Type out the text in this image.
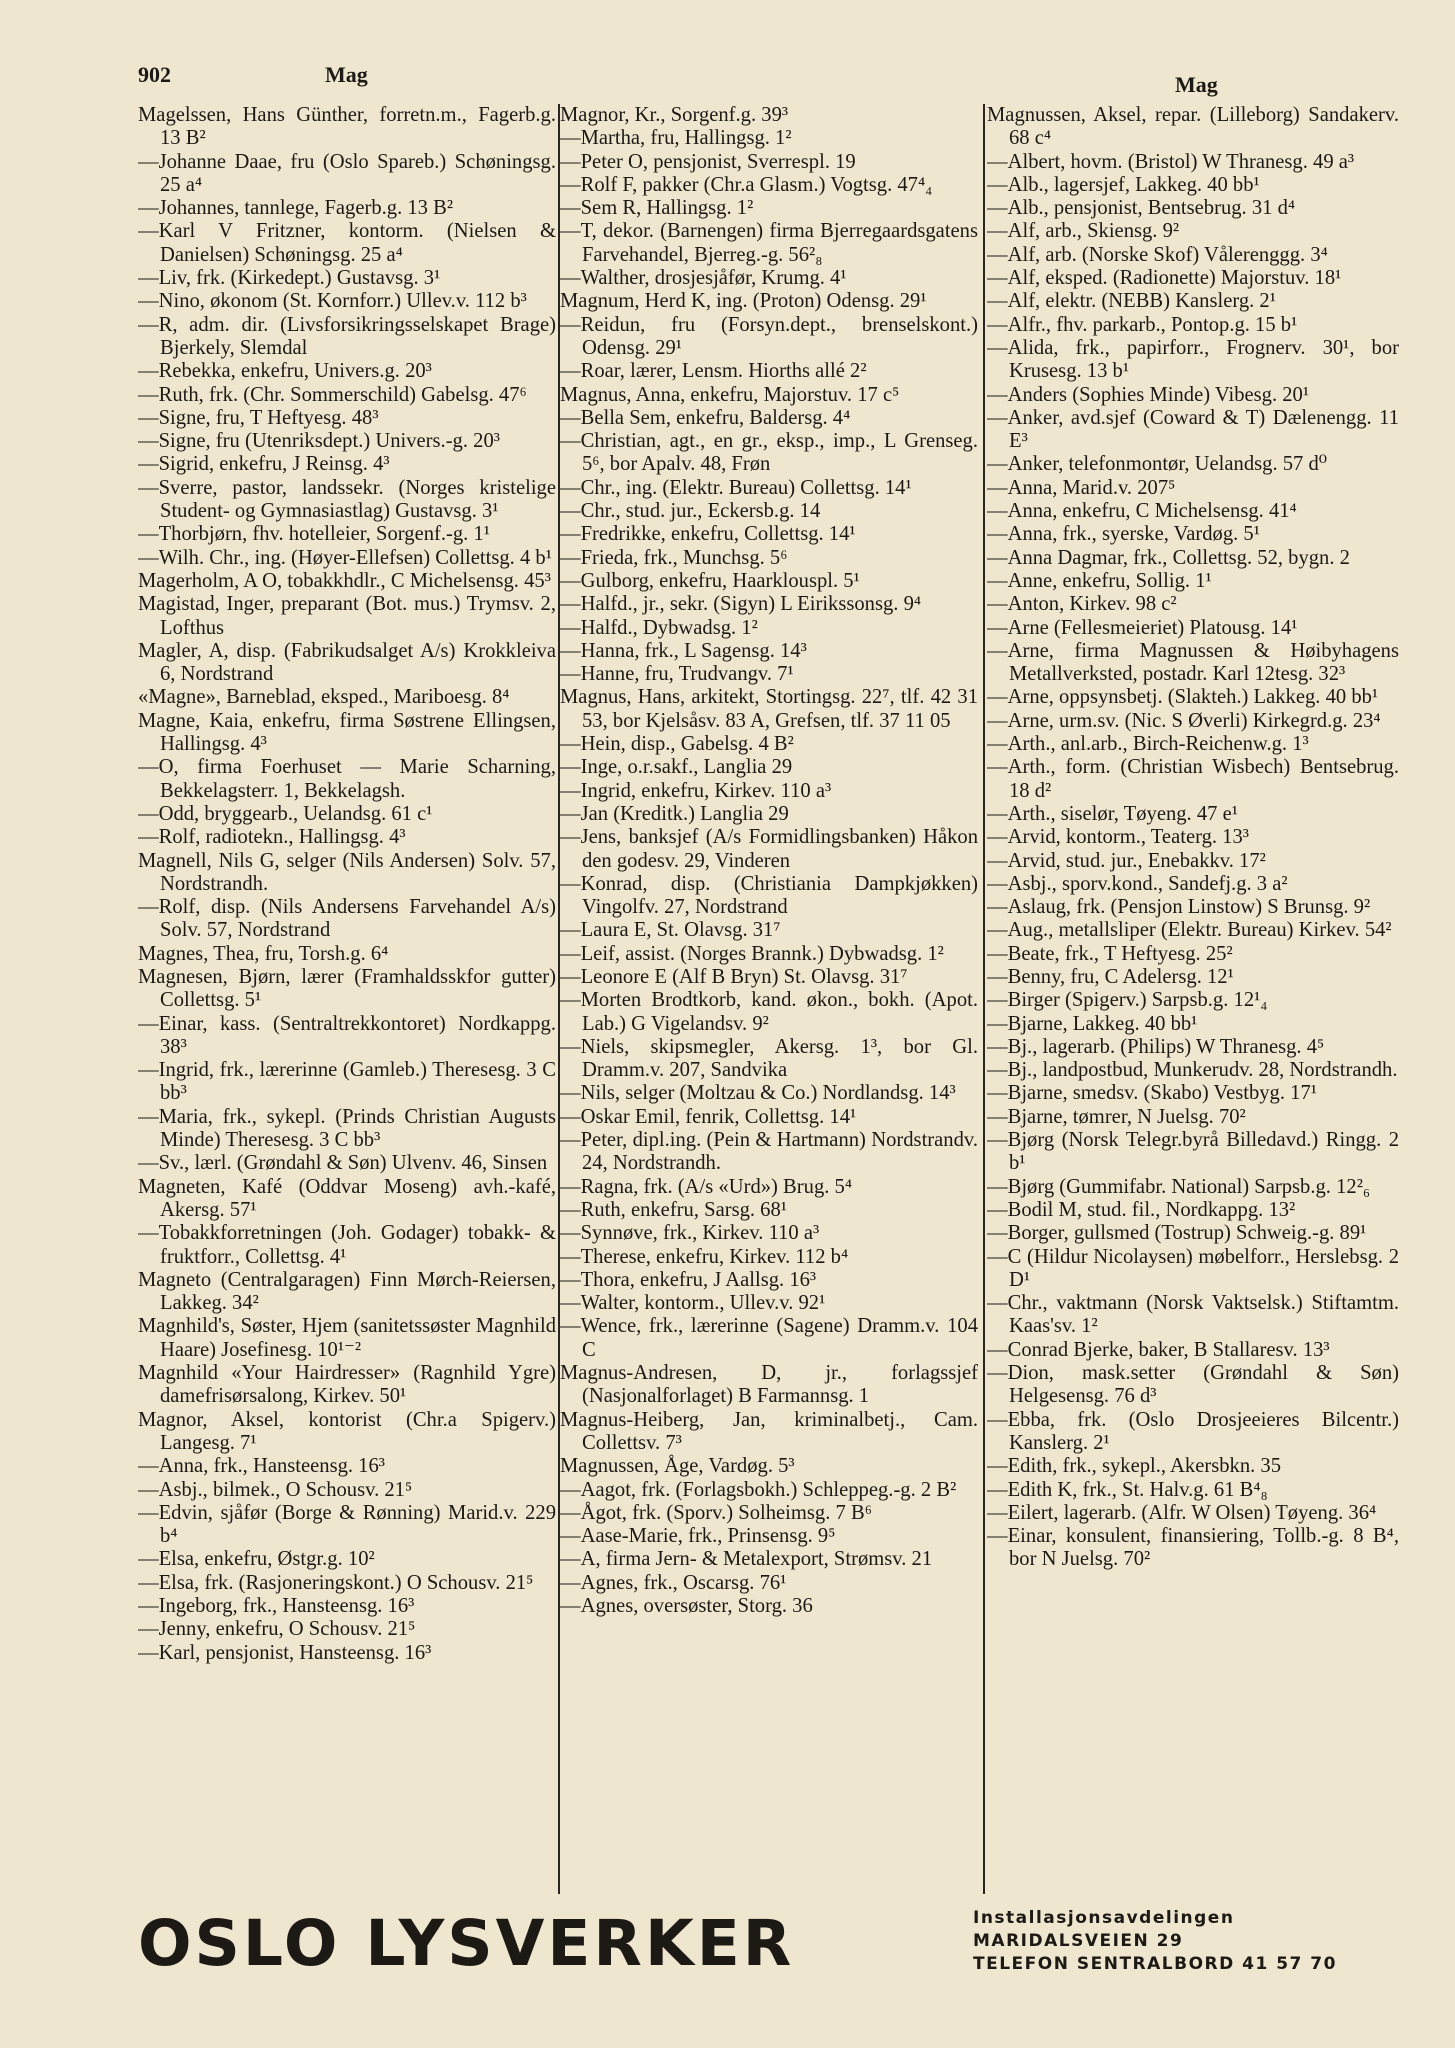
902	Mag	Mag

Magelssen, Hans Günther, forretn.m., Fagerb.g. 13 B²

—Johanne Daae, fru (Oslo Spareb.) Schøningsg. 25 a⁴

—Johannes, tannlege, Fagerb.g. 13 B²

—Karl V Fritzner, kontorm. (Nielsen & Danielsen) Schøningsg. 25 a⁴

—Liv, frk. (Kirkedept.) Gustavsg. 3¹

—Nino, økonom (St. Kornforr.) Ullev.v. 112 b³

—R, adm. dir. (Livsforsikringsselskapet Brage) Bjerkely, Slemdal

—Rebekka, enkefru, Univers.g. 20³

—Ruth, frk. (Chr. Sommerschild) Gabelsg. 47⁶

—Signe, fru, T Heftyesg. 48³

—Signe, fru (Utenriksdept.) Univers.-g. 20³

—Sigrid, enkefru, J Reinsg. 4³

—Sverre, pastor, landssekr. (Norges kristelige Student- og Gymnasiastlag) Gustavsg. 3¹

—Thorbjørn, fhv. hotelleier, Sorgenf.-g. 1¹

—Wilh. Chr., ing. (Høyer-Ellefsen) Collettsg. 4 b¹

Magerholm, A O, tobakkhdlr., C Michelsensg. 45³

Magistad, Inger, preparant (Bot. mus.) Trymsv. 2, Lofthus

Magler, A, disp. (Fabrikudsalget A/s) Krokkleiva 6, Nordstrand

«Magne», Barneblad, eksped., Mariboesg. 8⁴

Magne, Kaia, enkefru, firma Søstrene Ellingsen, Hallingsg. 4³

—O, firma Foerhuset — Marie Scharning, Bekkelagsterr. 1, Bekkelagsh.

—Odd, bryggearb., Uelandsg. 61 c¹

—Rolf, radiotekn., Hallingsg. 4³

Magnell, Nils G, selger (Nils Andersen) Solv. 57, Nordstrandh.

—Rolf, disp. (Nils Andersens Farvehandel A/s) Solv. 57, Nordstrand

Magnes, Thea, fru, Torsh.g. 6⁴

Magnesen, Bjørn, lærer (Framhaldsskfor gutter) Collettsg. 5¹

—Einar, kass. (Sentraltrekkontoret) Nordkappg. 38³

—Ingrid, frk., lærerinne (Gamleb.) Theresesg. 3 C bb³

—Maria, frk., sykepl. (Prinds Christian Augusts Minde) Theresesg. 3 C bb³

—Sv., lærl. (Grøndahl & Søn) Ulvenv. 46, Sinsen

Magneten, Kafé (Oddvar Moseng) avh.-kafé, Akersg. 57¹

—Tobakkforretningen (Joh. Godager) tobakk- & fruktforr., Collettsg. 4¹

Magneto (Centralgaragen) Finn Mørch-Reiersen, Lakkeg. 34²

Magnhild's, Søster, Hjem (sanitetssøster Magnhild Haare) Josefinesg. 10¹⁻²

Magnhild «Your Hairdresser» (Ragnhild Ygre) damefrisørsalong, Kirkev. 50¹

Magnor, Aksel, kontorist (Chr.a Spigerv.) Langesg. 7¹

—Anna, frk., Hansteensg. 16³

—Asbj., bilmek., O Schousv. 21⁵

—Edvin, sjåfør (Borge & Rønning) Marid.v. 229 b⁴

—Elsa, enkefru, Østgr.g. 10²

—Elsa, frk. (Rasjoneringskont.) O Schousv. 21⁵

—Ingeborg, frk., Hansteensg. 16³

—Jenny, enkefru, O Schousv. 21⁵

—Karl, pensjonist, Hansteensg. 16³

Magnor, Kr., Sorgenf.g. 39³

—Martha, fru, Hallingsg. 1²

—Peter O, pensjonist, Sverrespl. 19

—Rolf F, pakker (Chr.a Glasm.) Vogtsg. 47⁴₄

—Sem R, Hallingsg. 1²

—T, dekor. (Barnengen) firma Bjerregaardsgatens Farvehandel, Bjerreg.-g. 56²₈

—Walther, drosjesjåfør, Krumg. 4¹

Magnum, Herd K, ing. (Proton) Odensg. 29¹

—Reidun, fru (Forsyn.dept., brenselskont.) Odensg. 29¹

—Roar, lærer, Lensm. Hiorths allé 2²

Magnus, Anna, enkefru, Majorstuv. 17 c⁵

—Bella Sem, enkefru, Baldersg. 4⁴

—Christian, agt., en gr., eksp., imp., L Grenseg. 5⁶, bor Apalv. 48, Frøn

—Chr., ing. (Elektr. Bureau) Collettsg. 14¹

—Chr., stud. jur., Eckersb.g. 14

—Fredrikke, enkefru, Collettsg. 14¹

—Frieda, frk., Munchsg. 5⁶

—Gulborg, enkefru, Haarklouspl. 5¹

—Halfd., jr., sekr. (Sigyn) L Eirikssonsg. 9⁴

—Halfd., Dybwadsg. 1²

—Hanna, frk., L Sagensg. 14³

—Hanne, fru, Trudvangv. 7¹

Magnus, Hans, arkitekt, Stortingsg. 22⁷, tlf. 42 31 53, bor Kjelsåsv. 83 A, Grefsen, tlf. 37 11 05

—Hein, disp., Gabelsg. 4 B²

—Inge, o.r.sakf., Langlia 29

—Ingrid, enkefru, Kirkev. 110 a³

—Jan (Kreditk.) Langlia 29

—Jens, banksjef (A/s Formidlingsbanken) Håkon den godesv. 29, Vinderen

—Konrad, disp. (Christiania Dampkjøkken) Vingolfv. 27, Nordstrand

—Laura E, St. Olavsg. 31⁷

—Leif, assist. (Norges Brannk.) Dybwadsg. 1²

—Leonore E (Alf B Bryn) St. Olavsg. 31⁷

—Morten Brodtkorb, kand. økon., bokh. (Apot. Lab.) G Vigelandsv. 9²

—Niels, skipsmegler, Akersg. 1³, bor Gl. Dramm.v. 207, Sandvika

—Nils, selger (Moltzau & Co.) Nordlandsg. 14³

—Oskar Emil, fenrik, Collettsg. 14¹

—Peter, dipl.ing. (Pein & Hartmann) Nordstrandv. 24, Nordstrandh.

—Ragna, frk. (A/s «Urd») Brug. 5⁴

—Ruth, enkefru, Sarsg. 68¹

—Synnøve, frk., Kirkev. 110 a³

—Therese, enkefru, Kirkev. 112 b⁴

—Thora, enkefru, J Aallsg. 16³

—Walter, kontorm., Ullev.v. 92¹

—Wence, frk., lærerinne (Sagene) Dramm.v. 104 C

Magnus-Andresen, D, jr., forlagssjef (Nasjonalforlaget) B Farmannsg. 1

Magnus-Heiberg, Jan, kriminalbetj., Cam. Collettsv. 7³

Magnussen, Åge, Vardøg. 5³

—Aagot, frk. (Forlagsbokh.) Schleppeg.-g. 2 B²

—Ågot, frk. (Sporv.) Solheimsg. 7 B⁶

—Aase-Marie, frk., Prinsensg. 9⁵

—A, firma Jern- & Metalexport, Strømsv. 21

—Agnes, frk., Oscarsg. 76¹

—Agnes, oversøster, Storg. 36

Magnussen, Aksel, repar. (Lilleborg) Sandakerv. 68 c⁴

—Albert, hovm. (Bristol) W Thranesg. 49 a³

—Alb., lagersjef, Lakkeg. 40 bb¹

—Alb., pensjonist, Bentsebrug. 31 d⁴

—Alf, arb., Skiensg. 9²

—Alf, arb. (Norske Skof) Vålerenggg. 3⁴

—Alf, eksped. (Radionette) Majorstuv. 18¹

—Alf, elektr. (NEBB) Kanslerg. 2¹

—Alfr., fhv. parkarb., Pontop.g. 15 b¹

—Alida, frk., papirforr., Frognerv. 30¹, bor Krusesg. 13 b¹

—Anders (Sophies Minde) Vibesg. 20¹

—Anker, avd.sjef (Coward & T) Dælenengg. 11 E³

—Anker, telefonmontør, Uelandsg. 57 d⁰

—Anna, Marid.v. 207⁵

—Anna, enkefru, C Michelsensg. 41⁴

—Anna, frk., syerske, Vardøg. 5¹

—Anna Dagmar, frk., Collettsg. 52, bygn. 2

—Anne, enkefru, Sollig. 1¹

—Anton, Kirkev. 98 c²

—Arne (Fellesmeieriet) Platousg. 14¹

—Arne, firma Magnussen & Høibyhagens Metallverksted, postadr. Karl 12tesg. 32³

—Arne, oppsynsbetj. (Slakteh.) Lakkeg. 40 bb¹

—Arne, urm.sv. (Nic. S Øverli) Kirkegrd.g. 23⁴

—Arth., anl.arb., Birch-Reichenw.g. 1³

—Arth., form. (Christian Wisbech) Bentsebrug. 18 d²

—Arth., siselør, Tøyeng. 47 e¹

—Arvid, kontorm., Teaterg. 13³

—Arvid, stud. jur., Enebakkv. 17²

—Asbj., sporv.kond., Sandefj.g. 3 a²

—Aslaug, frk. (Pensjon Linstow) S Brunsg. 9²

—Aug., metallsliper (Elektr. Bureau) Kirkev. 54²

—Beate, frk., T Heftyesg. 25²

—Benny, fru, C Adelersg. 12¹

—Birger (Spigerv.) Sarpsb.g. 12¹₄

—Bjarne, Lakkeg. 40 bb¹

—Bj., lagerarb. (Philips) W Thranesg. 4⁵

—Bj., landpostbud, Munkerudv. 28, Nordstrandh.

—Bjarne, smedsv. (Skabo) Vestbyg. 17¹

—Bjarne, tømrer, N Juelsg. 70²

—Bjørg (Norsk Telegr.byrå Billedavd.) Ringg. 2 b¹

—Bjørg (Gummifabr. National) Sarpsb.g. 12²₆

—Bodil M, stud. fil., Nordkappg. 13²

—Borger, gullsmed (Tostrup) Schweig.-g. 89¹

—C (Hildur Nicolaysen) møbelforr., Herslebsg. 2 D¹

—Chr., vaktmann (Norsk Vaktselsk.) Stiftamtm. Kaas'sv. 1²

—Conrad Bjerke, baker, B Stallaresv. 13³

—Dion, mask.setter (Grøndahl & Søn) Helgesensg. 76 d³

—Ebba, frk. (Oslo Drosjeeieres Bilcentr.) Kanslerg. 2¹

—Edith, frk., sykepl., Akersbkn. 35

—Edith K, frk., St. Halv.g. 61 B⁴₈

—Eilert, lagerarb. (Alfr. W Olsen) Tøyeng. 36⁴

—Einar, konsulent, finansiering, Tollb.-g. 8 B⁴, bor N Juelsg. 70²

OSLO LYSVERKER	Installasjonsavdelingen
MARIDALSVEIEN 29
TELEFON SENTRALBORD 41 57 70
